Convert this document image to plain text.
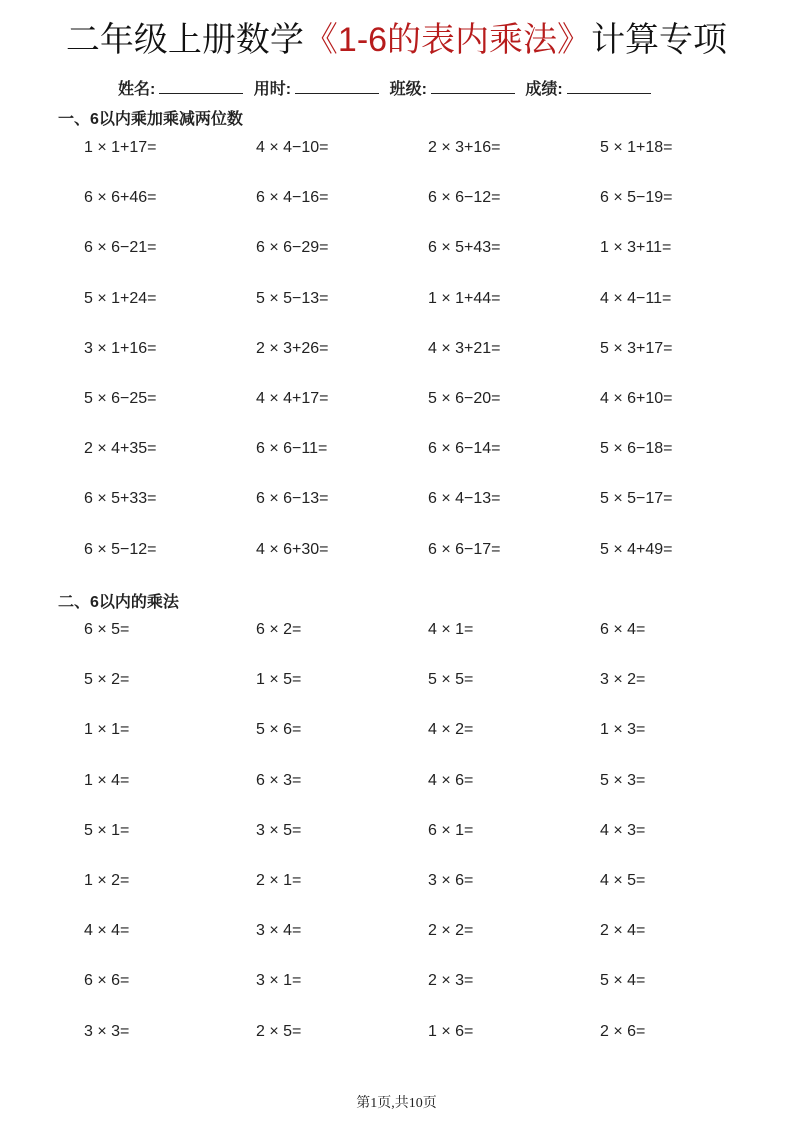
二年级上册数学《1-6的表内乘法》计算专项
姓名:	用时:	班级:	成绩:
一、6以内乘加乘减两位数
1 × 1+17=	4 × 4−10=	2 × 3+16=	5 × 1+18=
6 × 6+46=	6 × 4−16=	6 × 6−12=	6 × 5−19=
6 × 6−21=	6 × 6−29=	6 × 5+43=	1 × 3+11=
5 × 1+24=	5 × 5−13=	1 × 1+44=	4 × 4−11=
3 × 1+16=	2 × 3+26=	4 × 3+21=	5 × 3+17=
5 × 6−25=	4 × 4+17=	5 × 6−20=	4 × 6+10=
2 × 4+35=	6 × 6−11=	6 × 6−14=	5 × 6−18=
6 × 5+33=	6 × 6−13=	6 × 4−13=	5 × 5−17=
6 × 5−12=	4 × 6+30=	6 × 6−17=	5 × 4+49=
二、6以内的乘法
6 × 5=	6 × 2=	4 × 1=	6 × 4=
5 × 2=	1 × 5=	5 × 5=	3 × 2=
1 × 1=	5 × 6=	4 × 2=	1 × 3=
1 × 4=	6 × 3=	4 × 6=	5 × 3=
5 × 1=	3 × 5=	6 × 1=	4 × 3=
1 × 2=	2 × 1=	3 × 6=	4 × 5=
4 × 4=	3 × 4=	2 × 2=	2 × 4=
6 × 6=	3 × 1=	2 × 3=	5 × 4=
3 × 3=	2 × 5=	1 × 6=	2 × 6=
第1页,共10页
